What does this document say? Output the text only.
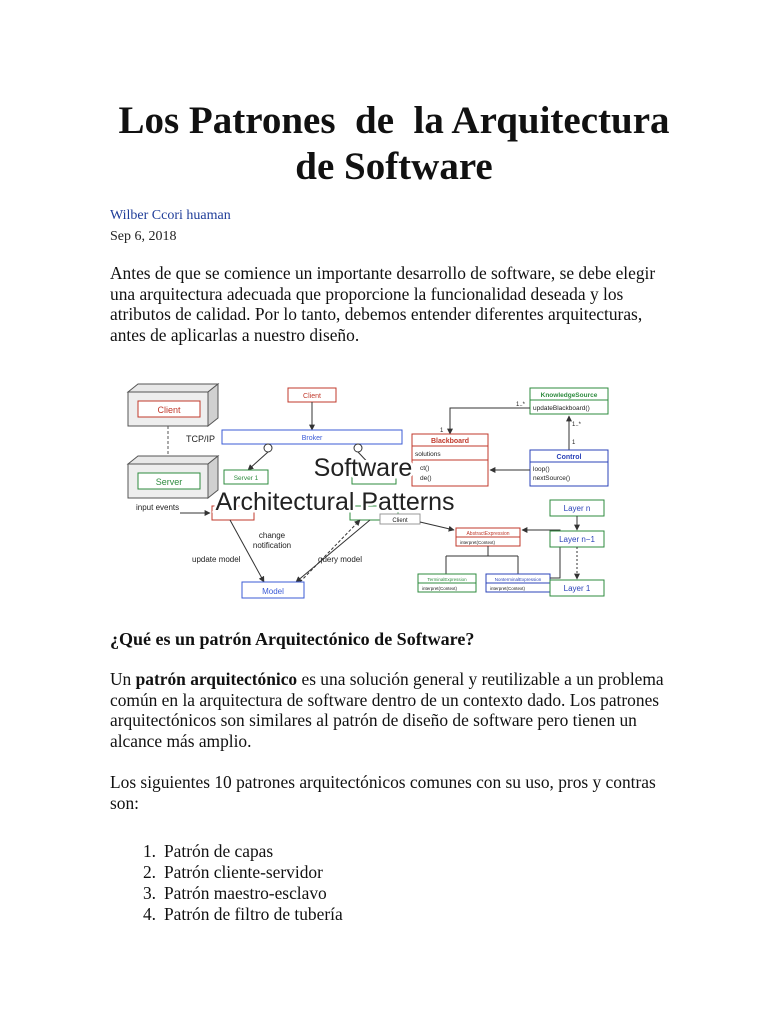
Los Patrones  de  la Arquitectura
de Software
Wilber Ccori huaman
Sep 6, 2018
Antes de que se comience un importante desarrollo de software, se debe elegir una arquitectura adecuada que proporcione la funcionalidad deseada y los atributos de calidad. Por lo tanto, debemos entender diferentes arquitecturas, antes de aplicarlas a nuestro diseño.
Client
TCP/IP
Server
Client
Broker
Server 1
input events
change
notification
update model	query model
Model
KnowledgeSource
updateBlackboard()
1..*
1
1..*
1
Blackboard
solutions
ct()
de()
Control
loop()
nextSource()
Client
AbstractExpression
interpret(Context)
TerminalExpression
interpret(Context)
NonterminalExpression
interpret(Context)
Layer n
Layer n−1
Layer 1
Software
Architectural Patterns
¿Qué es un patrón Arquitectónico de Software?
Un patrón arquitectónico es una solución general y reutilizable a un problema común en la arquitectura de software dentro de un contexto dado. Los patrones arquitectónicos son similares al patrón de diseño de software pero tienen un alcance más amplio.
Los siguientes 10 patrones arquitectónicos comunes con su uso, pros y contras son:
1. Patrón de capas
2. Patrón cliente-servidor
3. Patrón maestro-esclavo
4. Patrón de filtro de tubería
